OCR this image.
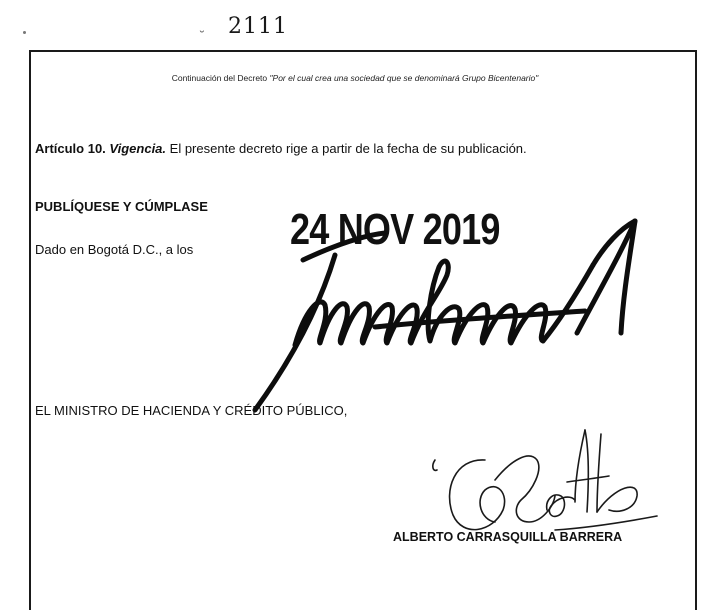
˘ 2111
Continuación del Decreto "Por el cual crea una sociedad que se denominará Grupo Bicentenario"
Artículo 10. Vigencia. El presente decreto rige a partir de la fecha de su publicación.
PUBLÍQUESE Y CÚMPLASE
Dado en Bogotá D.C., a los 24 NOV 2019
EL MINISTRO DE HACIENDA Y CRÉDITO PÚBLICO,
ALBERTO CARRASQUILLA BARRERA
